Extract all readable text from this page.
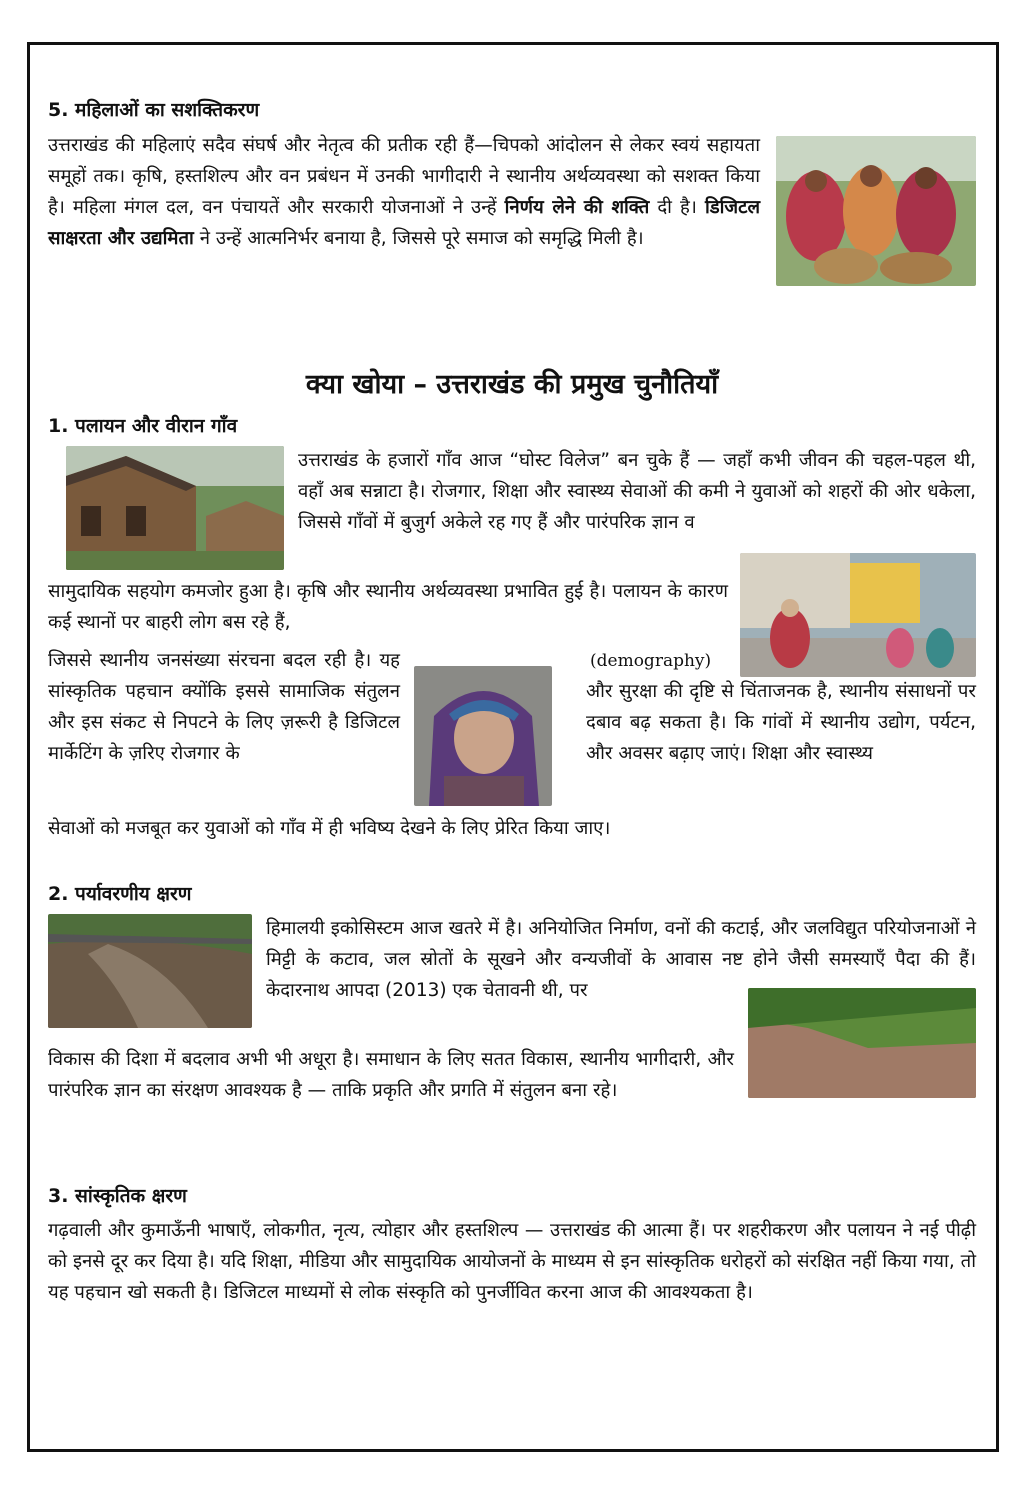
5. महिलाओं का सशक्तिकरण

उत्तराखंड की महिलाएं सदैव संघर्ष और नेतृत्व की प्रतीक रही हैं—चिपको आंदोलन से लेकर स्वयं सहायता समूहों तक। कृषि, हस्तशिल्प और वन प्रबंधन में उनकी भागीदारी ने स्थानीय अर्थव्यवस्था को सशक्त किया है। महिला मंगल दल, वन पंचायतें और सरकारी योजनाओं ने उन्हें निर्णय लेने की शक्ति दी है। डिजिटल साक्षरता और उद्यमिता ने उन्हें आत्मनिर्भर बनाया है, जिससे पूरे समाज को समृद्धि मिली है।

क्या खोया – उत्तराखंड की प्रमुख चुनौतियाँ
1. पलायन और वीरान गाँव

उत्तराखंड के हजारों गाँव आज “घोस्ट विलेज” बन चुके हैं — जहाँ कभी जीवन की चहल-पहल थी, वहाँ अब सन्नाटा है। रोजगार, शिक्षा और स्वास्थ्य सेवाओं की कमी ने युवाओं को शहरों की ओर धकेला, जिससे गाँवों में बुजुर्ग अकेले रह गए हैं और पारंपरिक ज्ञान व

सामुदायिक सहयोग कमजोर हुआ है। कृषि और स्थानीय अर्थव्यवस्था प्रभावित हुई है। पलायन के कारण कई स्थानों पर बाहरी लोग बस रहे हैं,

जिससे स्थानीय जनसंख्या संरचना बदल रही है। यह सांस्कृतिक पहचान क्योंकि इससे सामाजिक संतुलन और इस संकट से निपटने के लिए ज़रूरी है डिजिटल मार्केटिंग के ज़रिए रोजगार के

(demography)

और सुरक्षा की दृष्टि से चिंताजनक है, स्थानीय संसाधनों पर दबाव बढ़ सकता है। कि गांवों में स्थानीय उद्योग, पर्यटन, और अवसर बढ़ाए जाएं। शिक्षा और स्वास्थ्य

सेवाओं को मजबूत कर युवाओं को गाँव में ही भविष्य देखने के लिए प्रेरित किया जाए।

2. पर्यावरणीय क्षरण

हिमालयी इकोसिस्टम आज खतरे में है। अनियोजित निर्माण, वनों की कटाई, और जलविद्युत परियोजनाओं ने मिट्टी के कटाव, जल स्रोतों के सूखने और वन्यजीवों के आवास नष्ट होने जैसी समस्याएँ पैदा की हैं। केदारनाथ आपदा (2013) एक चेतावनी थी, पर

विकास की दिशा में बदलाव अभी भी अधूरा है। समाधान के लिए सतत विकास, स्थानीय भागीदारी, और पारंपरिक ज्ञान का संरक्षण आवश्यक है — ताकि प्रकृति और प्रगति में संतुलन बना रहे।

3. सांस्कृतिक क्षरण

गढ़वाली और कुमाऊँनी भाषाएँ, लोकगीत, नृत्य, त्योहार और हस्तशिल्प — उत्तराखंड की आत्मा हैं। पर शहरीकरण और पलायन ने नई पीढ़ी को इनसे दूर कर दिया है। यदि शिक्षा, मीडिया और सामुदायिक आयोजनों के माध्यम से इन सांस्कृतिक धरोहरों को संरक्षित नहीं किया गया, तो यह पहचान खो सकती है। डिजिटल माध्यमों से लोक संस्कृति को पुनर्जीवित करना आज की आवश्यकता है।
